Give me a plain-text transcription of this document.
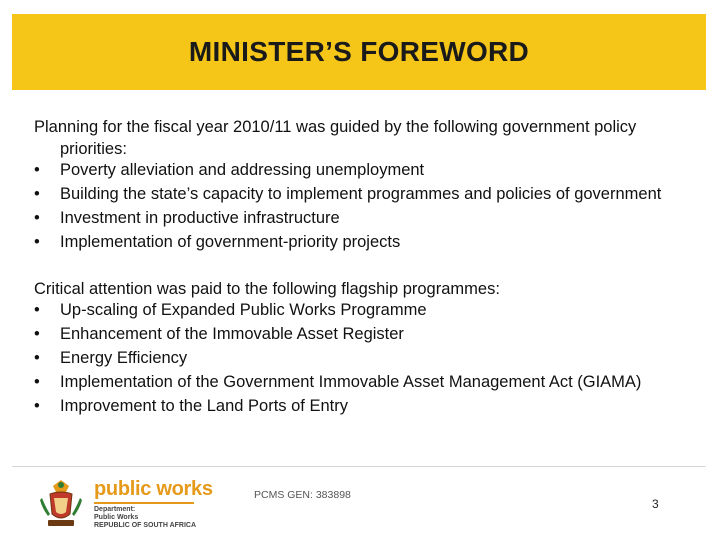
MINISTER’S FOREWORD

Planning for the fiscal year 2010/11 was guided by the following government policy priorities:

• Poverty alleviation and addressing unemployment
• Building the state’s capacity to implement programmes and policies of government
• Investment in productive infrastructure
• Implementation of government-priority projects

Critical attention was paid to the following flagship programmes:

• Up-scaling of Expanded Public Works Programme
• Enhancement of the Immovable Asset Register
• Energy Efficiency
• Implementation of the Government Immovable Asset Management Act (GIAMA)
• Improvement to the Land Ports of Entry
public works
Department:
Public Works
REPUBLIC OF SOUTH AFRICA
PCMS GEN: 383898
3
